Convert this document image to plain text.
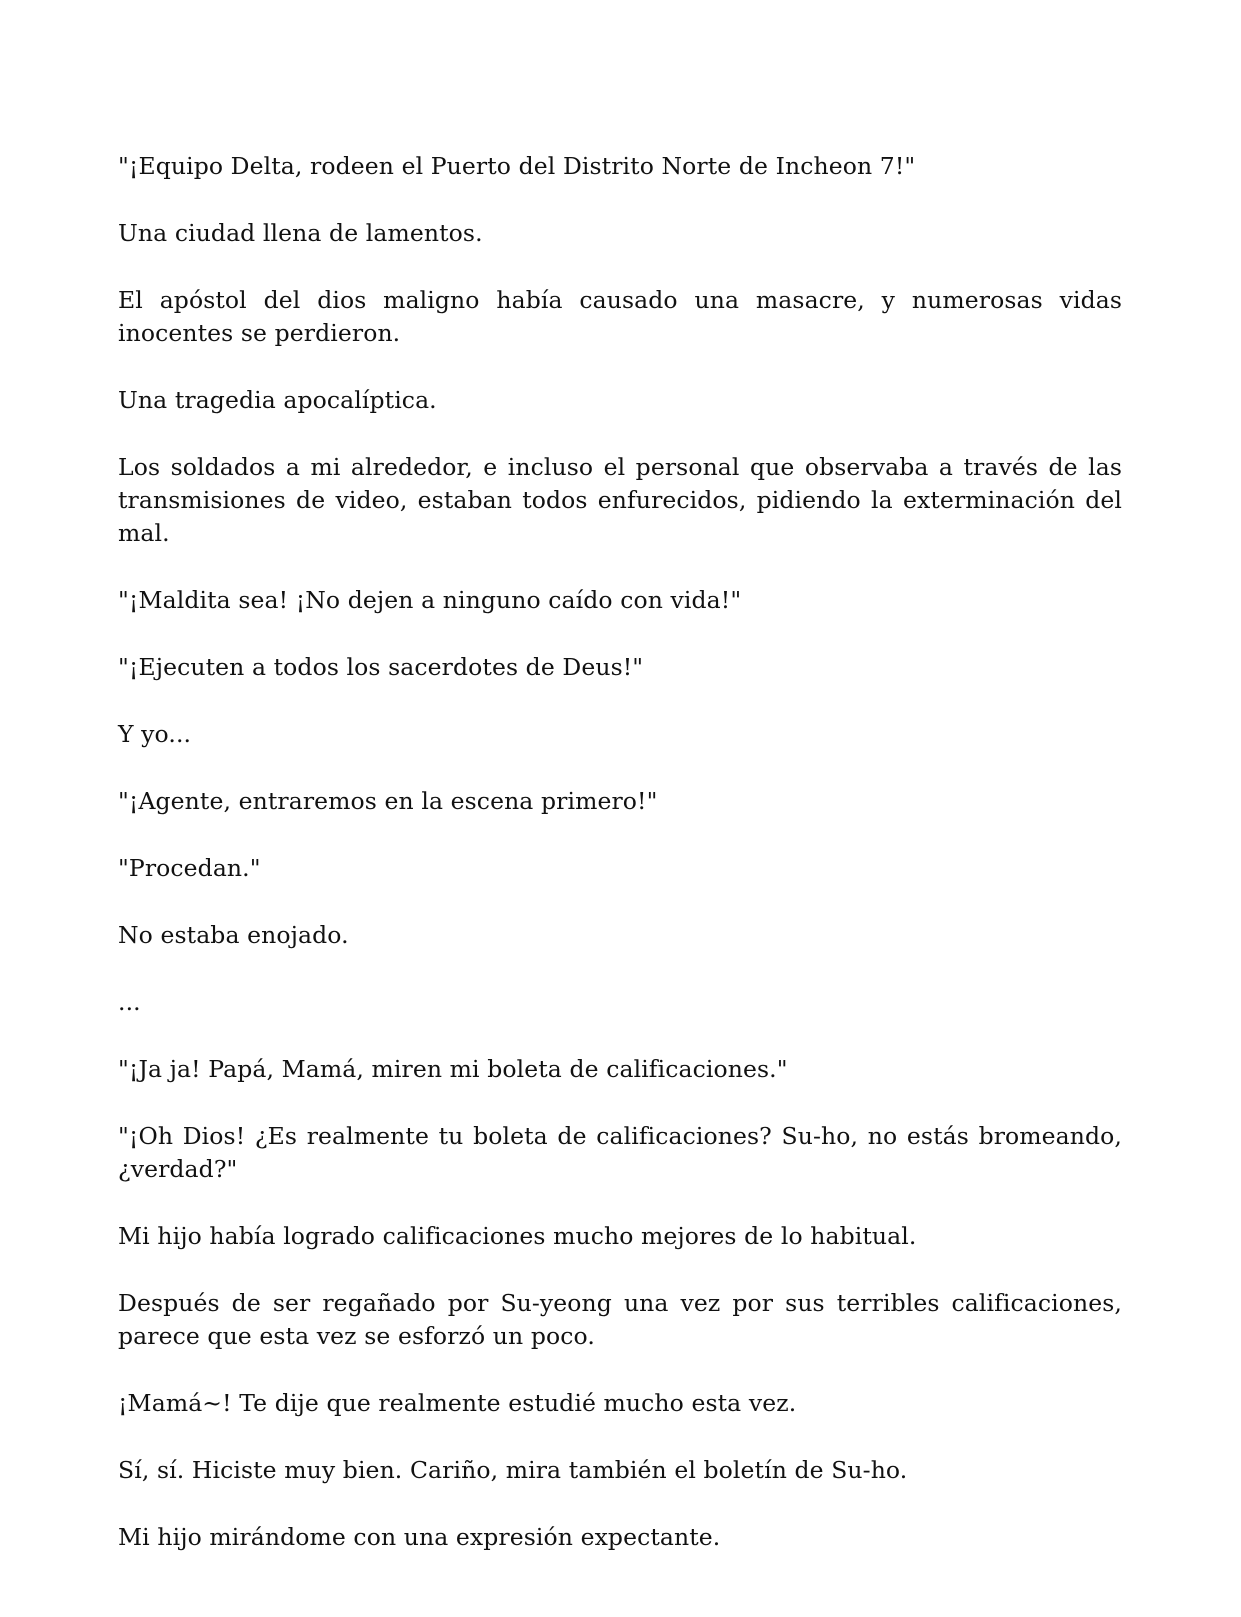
"¡Equipo Delta, rodeen el Puerto del Distrito Norte de Incheon 7!"

Una ciudad llena de lamentos.

El apóstol del dios maligno había causado una masacre, y numerosas vidas inocentes se perdieron.

Una tragedia apocalíptica.

Los soldados a mi alrededor, e incluso el personal que observaba a través de las transmisiones de video, estaban todos enfurecidos, pidiendo la exterminación del mal.

"¡Maldita sea! ¡No dejen a ninguno caído con vida!"

"¡Ejecuten a todos los sacerdotes de Deus!"

Y yo...

"¡Agente, entraremos en la escena primero!"

"Procedan."

No estaba enojado.

...

"¡Ja ja! Papá, Mamá, miren mi boleta de calificaciones."

"¡Oh Dios! ¿Es realmente tu boleta de calificaciones? Su-ho, no estás bromeando, ¿verdad?"

Mi hijo había logrado calificaciones mucho mejores de lo habitual.

Después de ser regañado por Su-yeong una vez por sus terribles calificaciones, parece que esta vez se esforzó un poco.

¡Mamá~! Te dije que realmente estudié mucho esta vez.

Sí, sí. Hiciste muy bien. Cariño, mira también el boletín de Su-ho.

Mi hijo mirándome con una expresión expectante.
